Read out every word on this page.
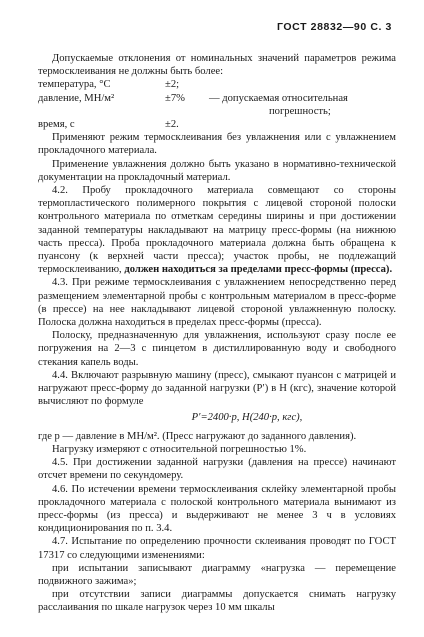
ГОСТ 28832—90 С. 3

Допускаемые отклонения от номинальных значений параметров режима термосклеивания не должны быть более:

температура, °С	±2;
давление, МН/м²	±7%	— допускаемая относительная
погрешность;
время, с	±2.

Применяют режим термосклеивания без увлажнения или с увлажнением прокладочного материала.

Применение увлажнения должно быть указано в нормативно-технической документации на прокладочный материал.

4.2. Пробу прокладочного материала совмещают со стороны термопластического полимерного покрытия с лицевой стороной полоски контрольного материала по отметкам середины ширины и при достижении заданной температуры накладывают на матрицу пресс-формы (на нижнюю часть пресса). Проба прокладочного материала должна быть обращена к пуансону (к верхней части пресса); участок пробы, не подлежащий термосклеиванию, должен находиться за пределами пресс-формы (пресса).

4.3. При режиме термосклеивания с увлажнением непосредственно перед размещением элементарной пробы с контрольным материалом в пресс-форме (в прессе) на нее накладывают лицевой стороной увлажненную полоску. Полоска должна находиться в пределах пресс-формы (пресса).

Полоску, предназначенную для увлажнения, используют сразу после ее погружения на 2—3 с пинцетом в дистиллированную воду и свободного стекания капель воды.

4.4. Включают разрывную машину (пресс), смыкают пуансон с матрицей и нагружают пресс-форму до заданной нагрузки (P′) в Н (кгс), значение которой вычисляют по формуле

P′=2400·p, Н(240·p, кгс),

где p — давление в МН/м². (Пресс нагружают до заданного давления).

Нагрузку измеряют с относительной погрешностью 1%.

4.5. При достижении заданной нагрузки (давления на прессе) начинают отсчет времени по секундомеру.

4.6. По истечении времени термосклеивания склейку элементарной пробы прокладочного материала с полоской контрольного материала вынимают из пресс-формы (из пресса) и выдерживают не менее 3 ч в условиях кондиционирования по п. 3.4.

4.7. Испытание по определению прочности склеивания проводят по ГОСТ 17317 со следующими изменениями:

при испытании записывают диаграмму «нагрузка — перемещение подвижного зажима»;

при отсутствии записи диаграммы допускается снимать нагрузку расслаивания по шкале нагрузок через 10 мм шкалы
